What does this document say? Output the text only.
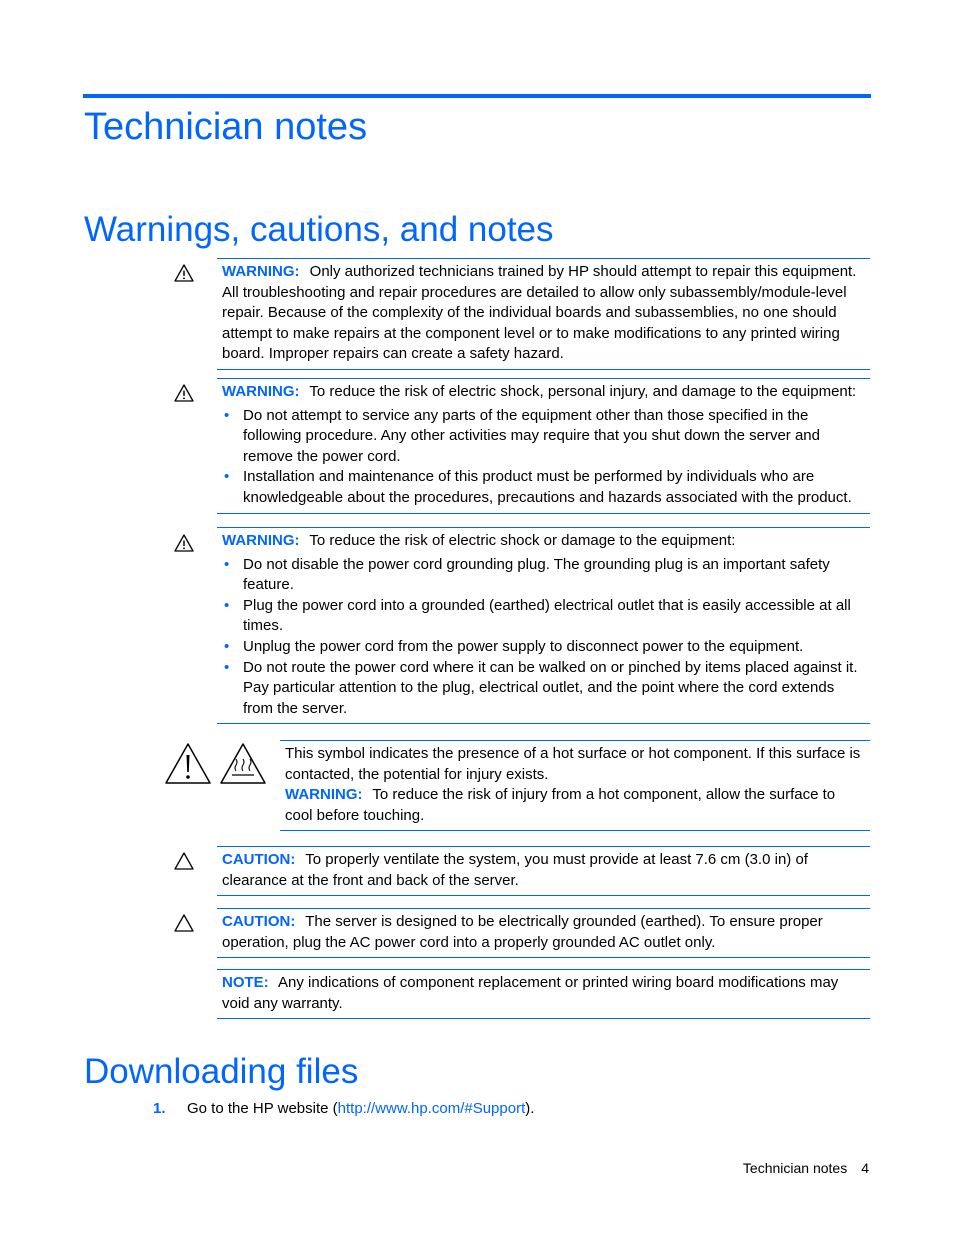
Technician notes
Warnings, cautions, and notes
WARNING: Only authorized technicians trained by HP should attempt to repair this equipment. All troubleshooting and repair procedures are detailed to allow only subassembly/module-level repair. Because of the complexity of the individual boards and subassemblies, no one should attempt to make repairs at the component level or to make modifications to any printed wiring board. Improper repairs can create a safety hazard.
WARNING: To reduce the risk of electric shock, personal injury, and damage to the equipment:
• Do not attempt to service any parts of the equipment other than those specified in the following procedure. Any other activities may require that you shut down the server and remove the power cord.
• Installation and maintenance of this product must be performed by individuals who are knowledgeable about the procedures, precautions and hazards associated with the product.
WARNING: To reduce the risk of electric shock or damage to the equipment:
• Do not disable the power cord grounding plug. The grounding plug is an important safety feature.
• Plug the power cord into a grounded (earthed) electrical outlet that is easily accessible at all times.
• Unplug the power cord from the power supply to disconnect power to the equipment.
• Do not route the power cord where it can be walked on or pinched by items placed against it. Pay particular attention to the plug, electrical outlet, and the point where the cord extends from the server.
This symbol indicates the presence of a hot surface or hot component. If this surface is contacted, the potential for injury exists.
WARNING: To reduce the risk of injury from a hot component, allow the surface to cool before touching.
CAUTION: To properly ventilate the system, you must provide at least 7.6 cm (3.0 in) of clearance at the front and back of the server.
CAUTION: The server is designed to be electrically grounded (earthed). To ensure proper operation, plug the AC power cord into a properly grounded AC outlet only.
NOTE: Any indications of component replacement or printed wiring board modifications may void any warranty.
Downloading files
1. Go to the HP website (http://www.hp.com/#Support).
Technician notes 4
